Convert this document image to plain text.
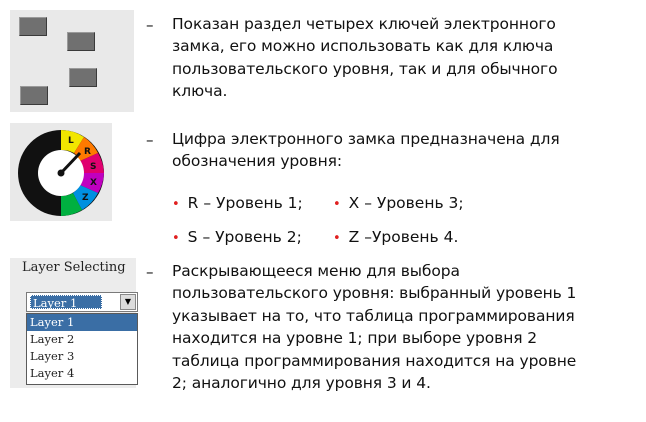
– Показан раздел четырех ключей электронного
замка, его можно использовать как для ключа
пользовательского уровня, так и для обычного
ключа.
L
R
S
X
Z
– Цифра электронного замка предназначена для
обозначения уровня:
• R – Уровень 1; • X – Уровень 3;
• S – Уровень 2; • Z –Уровень 4.
Layer Selecting
Layer 1	▼
Layer 1
Layer 2
Layer 3
Layer 4
– Раскрывающееся меню для выбора
пользовательского уровня: выбранный уровень 1
указывает на то, что таблица программирования
находится на уровне 1; при выборе уровня 2
таблица программирования находится на уровне
2; аналогично для уровня 3 и 4.
